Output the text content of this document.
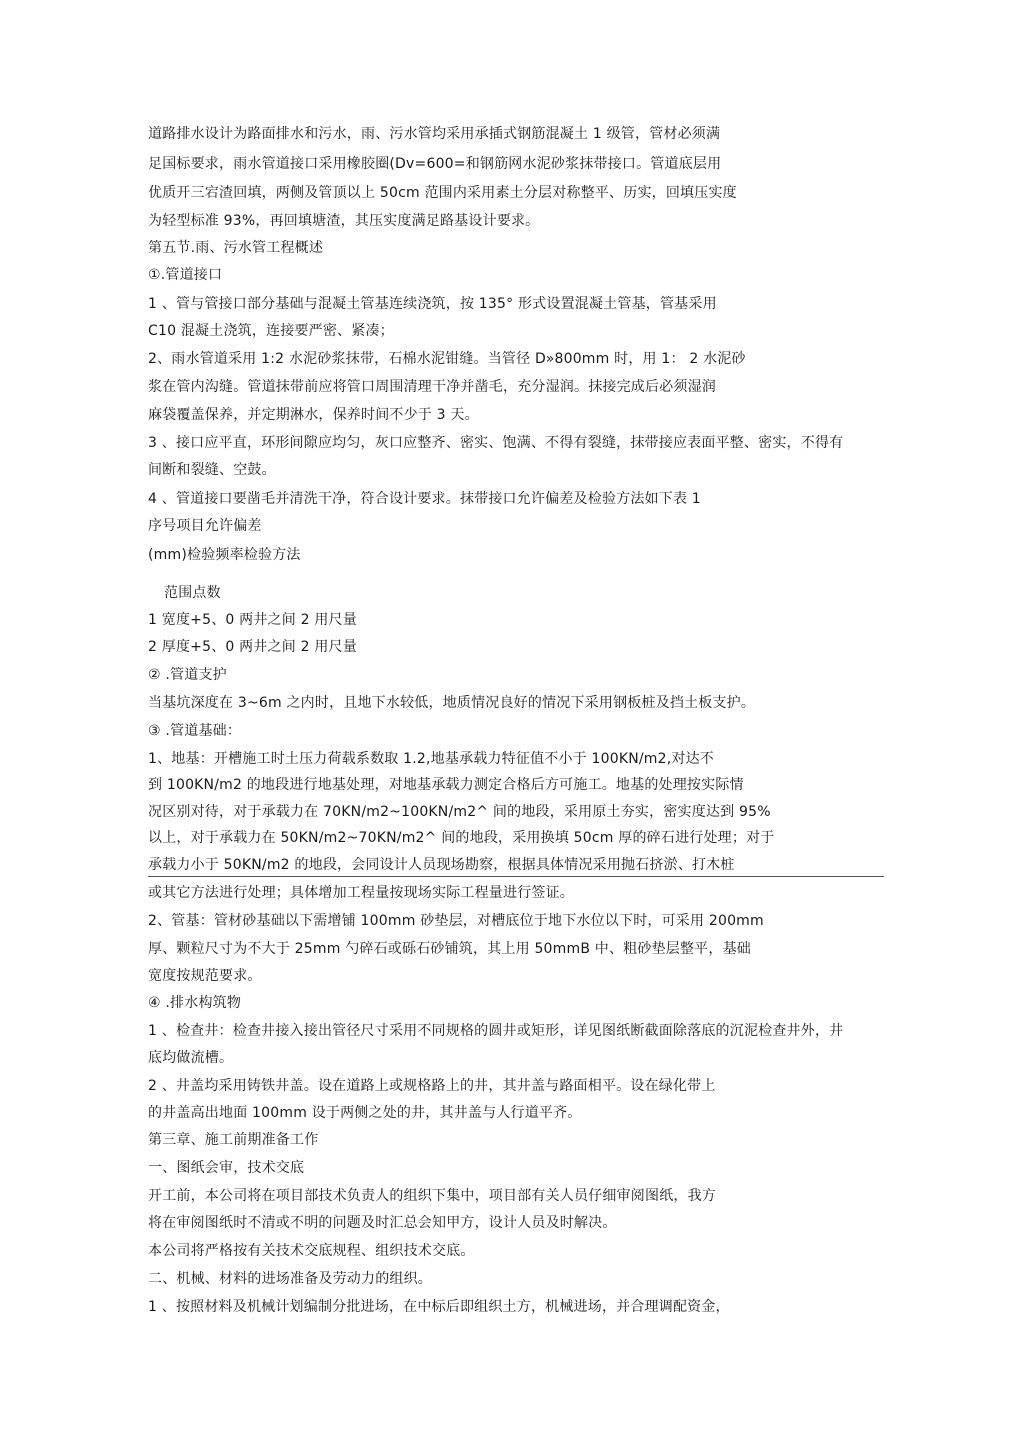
道路排水设计为路面排水和污水，雨、污水管均采用承插式钢筋混凝土 1 级管，管材必须满
足国标要求，雨水管道接口采用橡胶圈(Dv=600=和钢筋网水泥砂浆抹带接口。管道底层用
优质开三宕渣回填，两侧及管顶以上 50cm 范围内采用素土分层对称整平、历实，回填压实度
为轻型标准 93%，再回填塘渣，其压实度满足路基设计要求。
第五节.雨、污水管工程概述
①.管道接口
1 、管与管接口部分基础与混凝土管基连续浇筑，按 135° 形式设置混凝土管基，管基采用
C10 混凝土浇筑，连接要严密、紧凑；
2、雨水管道采用 1:2 水泥砂浆抹带，石棉水泥钳缝。当管径 D»800mm 时，用 1： 2 水泥砂
浆在管内沟缝。管道抹带前应将管口周围清理干净并凿毛，充分湿润。抹接完成后必须湿润
麻袋覆盖保养，并定期淋水，保养时间不少于 3 天。
3 、接口应平直，环形间隙应均匀，灰口应整齐、密实、饱满、不得有裂缝，抹带接应表面平整、密实，不得有
间断和裂缝、空鼓。
4 、管道接口要凿毛并清洗干净，符合设计要求。抹带接口允许偏差及检验方法如下表 1
序号项目允许偏差
(mm)检验频率检验方法
范围点数
1 宽度+5、0 两井之间 2 用尺量
2 厚度+5、0 两井之间 2 用尺量
② .管道支护
当基坑深度在 3~6m 之内时，且地下水较低，地质情况良好的情况下采用钢板桩及挡土板支护。
③ .管道基础：
1、地基：开槽施工时土压力荷载系数取 1.2,地基承载力特征值不小于 100KN/m2,对达不
到 100KN/m2 的地段进行地基处理，对地基承载力测定合格后方可施工。地基的处理按实际情
况区别对待，对于承载力在 70KN/m2~100KN/m2^ 间的地段，采用原土夯实，密实度达到 95%
以上，对于承载力在 50KN/m2~70KN/m2^ 间的地段，采用换填 50cm 厚的碎石进行处理；对于
承载力小于 50KN/m2 的地段，会同设计人员现场勘察，根据具体情况采用抛石挤淤、打木桩
或其它方法进行处理；具体增加工程量按现场实际工程量进行签证。
2、管基：管材砂基础以下需增铺 100mm 砂垫层，对槽底位于地下水位以下时，可采用 200mm
厚、颗粒尺寸为不大于 25mm 勺碎石或砾石砂铺筑，其上用 50mmB 中、粗砂垫层整平，基础
宽度按规范要求。
④ .排水构筑物
1 、检查井：检查井接入接出管径尺寸采用不同规格的圆井或矩形，详见图纸断截面除落底的沉泥检查井外，井
底均做流槽。
2 、井盖均采用铸铁井盖。设在道路上或规格路上的井，其井盖与路面相平。设在绿化带上
的井盖高出地面 100mm 设于两侧之处的井，其井盖与人行道平齐。
第三章、施工前期准备工作
一、图纸会审，技术交底
开工前，本公司将在项目部技术负责人的组织下集中，项目部有关人员仔细审阅图纸，我方
将在审阅图纸时不清或不明的问题及时汇总会知甲方，设计人员及时解决。
本公司将严格按有关技术交底规程、组织技术交底。
二、机械、材料的进场准备及劳动力的组织。
1 、按照材料及机械计划编制分批进场，在中标后即组织土方，机械进场，并合理调配资金，
